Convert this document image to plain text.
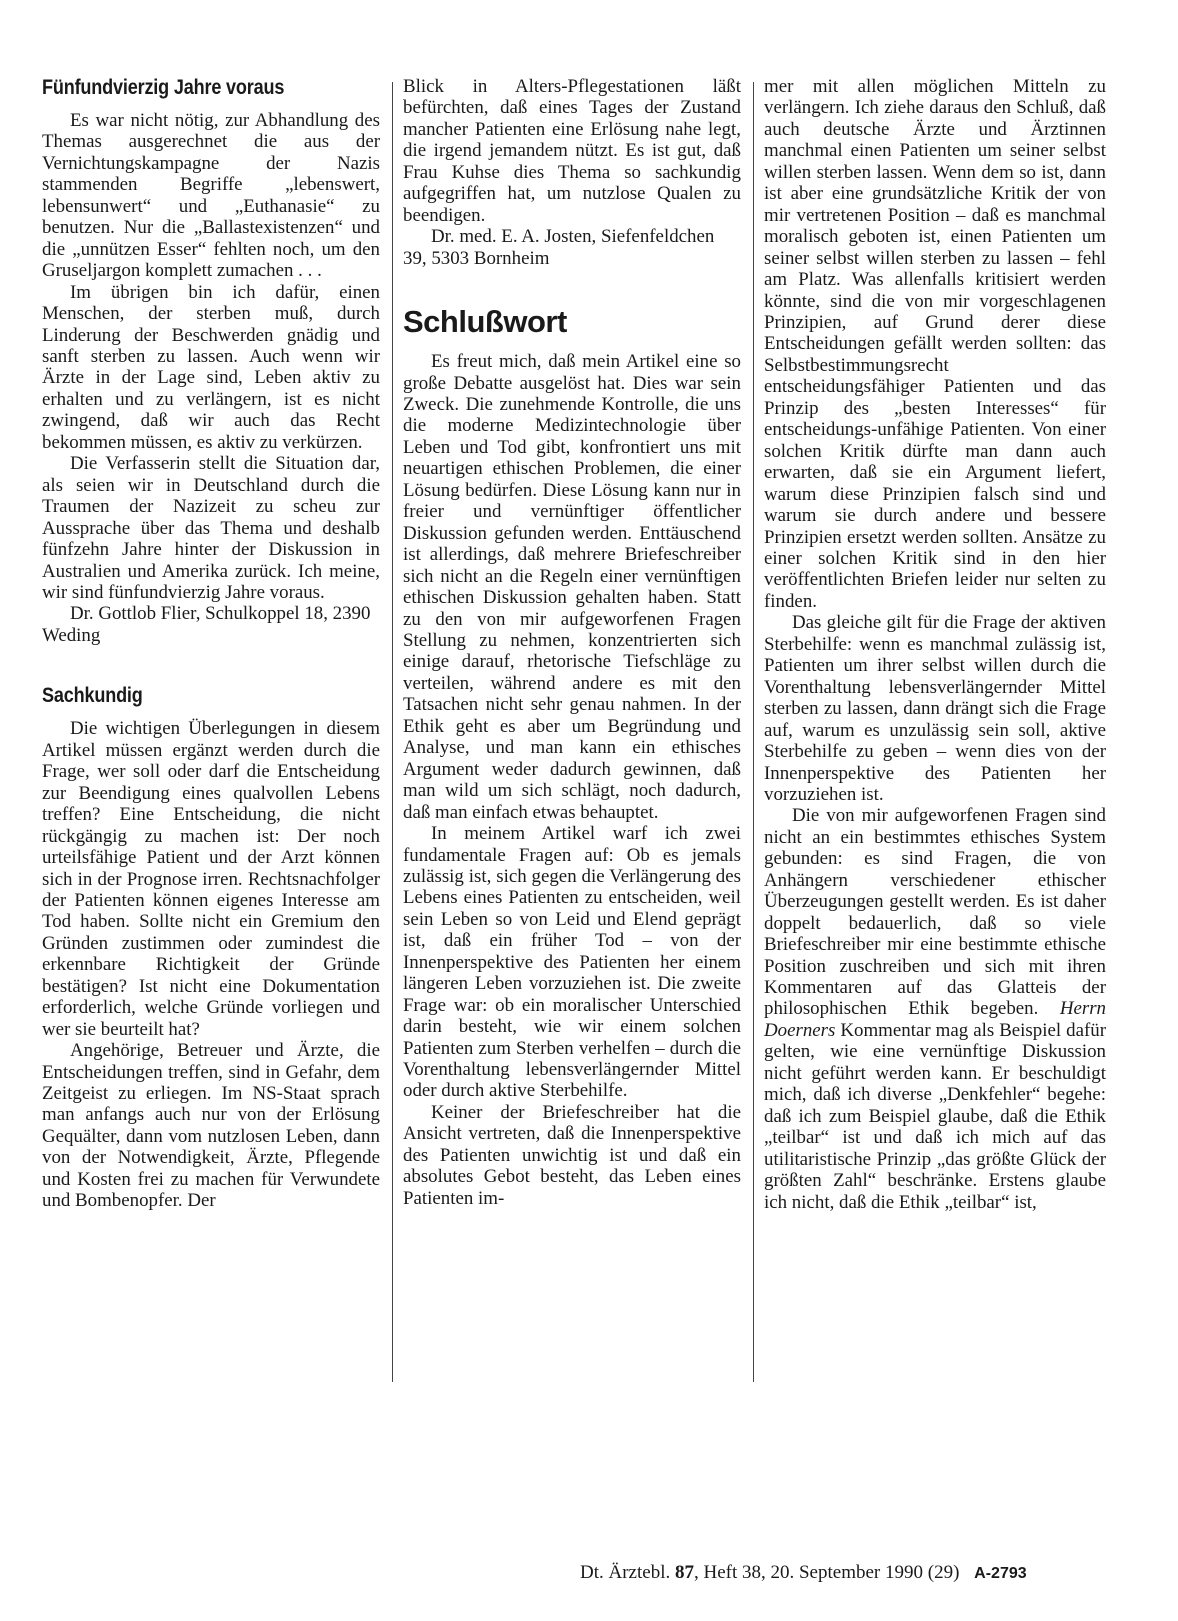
Fünfundvierzig Jahre voraus

Es war nicht nötig, zur Abhandlung des Themas ausgerechnet die aus der Vernichtungskampagne der Nazis stammenden Begriffe „lebenswert, lebensunwert“ und „Euthanasie“ zu benutzen. Nur die „Ballastexistenzen“ und die „unnützen Esser“ fehlten noch, um den Gruseljargon komplett zumachen . . .

Im übrigen bin ich dafür, einen Menschen, der sterben muß, durch Linderung der Beschwerden gnädig und sanft sterben zu lassen. Auch wenn wir Ärzte in der Lage sind, Leben aktiv zu erhalten und zu verlängern, ist es nicht zwingend, daß wir auch das Recht bekommen müssen, es aktiv zu verkürzen.

Die Verfasserin stellt die Situation dar, als seien wir in Deutschland durch die Traumen der Nazizeit zu scheu zur Aussprache über das Thema und deshalb fünfzehn Jahre hinter der Diskussion in Australien und Amerika zurück. Ich meine, wir sind fünfundvierzig Jahre voraus.

Dr. Gottlob Flier, Schulkoppel 18, 2390 Weding

Sachkundig

Die wichtigen Überlegungen in diesem Artikel müssen ergänzt werden durch die Frage, wer soll oder darf die Entscheidung zur Beendigung eines qualvollen Lebens treffen? Eine Entscheidung, die nicht rückgängig zu machen ist: Der noch urteilsfähige Patient und der Arzt können sich in der Prognose irren. Rechtsnachfolger der Patienten können eigenes Interesse am Tod haben. Sollte nicht ein Gremium den Gründen zustimmen oder zumindest die erkennbare Richtigkeit der Gründe bestätigen? Ist nicht eine Dokumentation erforderlich, welche Gründe vorliegen und wer sie beurteilt hat?

Angehörige, Betreuer und Ärzte, die Entscheidungen treffen, sind in Gefahr, dem Zeitgeist zu erliegen. Im NS-Staat sprach man anfangs auch nur von der Erlösung Gequälter, dann vom nutzlosen Leben, dann von der Notwendigkeit, Ärzte, Pflegende und Kosten frei zu machen für Verwundete und Bombenopfer. Der

Blick in Alters-Pflegestationen läßt befürchten, daß eines Tages der Zustand mancher Patienten eine Erlösung nahe legt, die irgend jemandem nützt. Es ist gut, daß Frau Kuhse dies Thema so sachkundig aufgegriffen hat, um nutzlose Qualen zu beendigen.

Dr. med. E. A. Josten, Siefenfeldchen 39, 5303 Bornheim

Schlußwort

Es freut mich, daß mein Artikel eine so große Debatte ausgelöst hat. Dies war sein Zweck. Die zunehmende Kontrolle, die uns die moderne Medizintechnologie über Leben und Tod gibt, konfrontiert uns mit neuartigen ethischen Problemen, die einer Lösung bedürfen. Diese Lösung kann nur in freier und vernünftiger öffentlicher Diskussion gefunden werden. Enttäuschend ist allerdings, daß mehrere Briefeschreiber sich nicht an die Regeln einer vernünftigen ethischen Diskussion gehalten haben. Statt zu den von mir aufgeworfenen Fragen Stellung zu nehmen, konzentrierten sich einige darauf, rhetorische Tiefschläge zu verteilen, während andere es mit den Tatsachen nicht sehr genau nahmen. In der Ethik geht es aber um Begründung und Analyse, und man kann ein ethisches Argument weder dadurch gewinnen, daß man wild um sich schlägt, noch dadurch, daß man einfach etwas behauptet.

In meinem Artikel warf ich zwei fundamentale Fragen auf: Ob es jemals zulässig ist, sich gegen die Verlängerung des Lebens eines Patienten zu entscheiden, weil sein Leben so von Leid und Elend geprägt ist, daß ein früher Tod – von der Innenperspektive des Patienten her einem längeren Leben vorzuziehen ist. Die zweite Frage war: ob ein moralischer Unterschied darin besteht, wie wir einem solchen Patienten zum Sterben verhelfen – durch die Vorenthaltung lebensverlängernder Mittel oder durch aktive Sterbehilfe.

Keiner der Briefeschreiber hat die Ansicht vertreten, daß die Innenperspektive des Patienten unwichtig ist und daß ein absolutes Gebot besteht, das Leben eines Patienten im-

mer mit allen möglichen Mitteln zu verlängern. Ich ziehe daraus den Schluß, daß auch deutsche Ärzte und Ärztinnen manchmal einen Patienten um seiner selbst willen sterben lassen. Wenn dem so ist, dann ist aber eine grundsätzliche Kritik der von mir vertretenen Position – daß es manchmal moralisch geboten ist, einen Patienten um seiner selbst willen sterben zu lassen – fehl am Platz. Was allenfalls kritisiert werden könnte, sind die von mir vorgeschlagenen Prinzipien, auf Grund derer diese Entscheidungen gefällt werden sollten: das Selbstbestimmungsrecht entscheidungsfähiger Patienten und das Prinzip des „besten Interesses“ für entscheidungs-unfähige Patienten. Von einer solchen Kritik dürfte man dann auch erwarten, daß sie ein Argument liefert, warum diese Prinzipien falsch sind und warum sie durch andere und bessere Prinzipien ersetzt werden sollten. Ansätze zu einer solchen Kritik sind in den hier veröffentlichten Briefen leider nur selten zu finden.

Das gleiche gilt für die Frage der aktiven Sterbehilfe: wenn es manchmal zulässig ist, Patienten um ihrer selbst willen durch die Vorenthaltung lebensverlängernder Mittel sterben zu lassen, dann drängt sich die Frage auf, warum es unzulässig sein soll, aktive Sterbehilfe zu geben – wenn dies von der Innenperspektive des Patienten her vorzuziehen ist.

Die von mir aufgeworfenen Fragen sind nicht an ein bestimmtes ethisches System gebunden: es sind Fragen, die von Anhängern verschiedener ethischer Überzeugungen gestellt werden. Es ist daher doppelt bedauerlich, daß so viele Briefeschreiber mir eine bestimmte ethische Position zuschreiben und sich mit ihren Kommentaren auf das Glatteis der philosophischen Ethik begeben. Herrn Doerners Kommentar mag als Beispiel dafür gelten, wie eine vernünftige Diskussion nicht geführt werden kann. Er beschuldigt mich, daß ich diverse „Denkfehler“ begehe: daß ich zum Beispiel glaube, daß die Ethik „teilbar“ ist und daß ich mich auf das utilitaristische Prinzip „das größte Glück der größten Zahl“ beschränke. Erstens glaube ich nicht, daß die Ethik „teilbar“ ist,

Dt. Ärztebl. 87, Heft 38, 20. September 1990 (29) A-2793
